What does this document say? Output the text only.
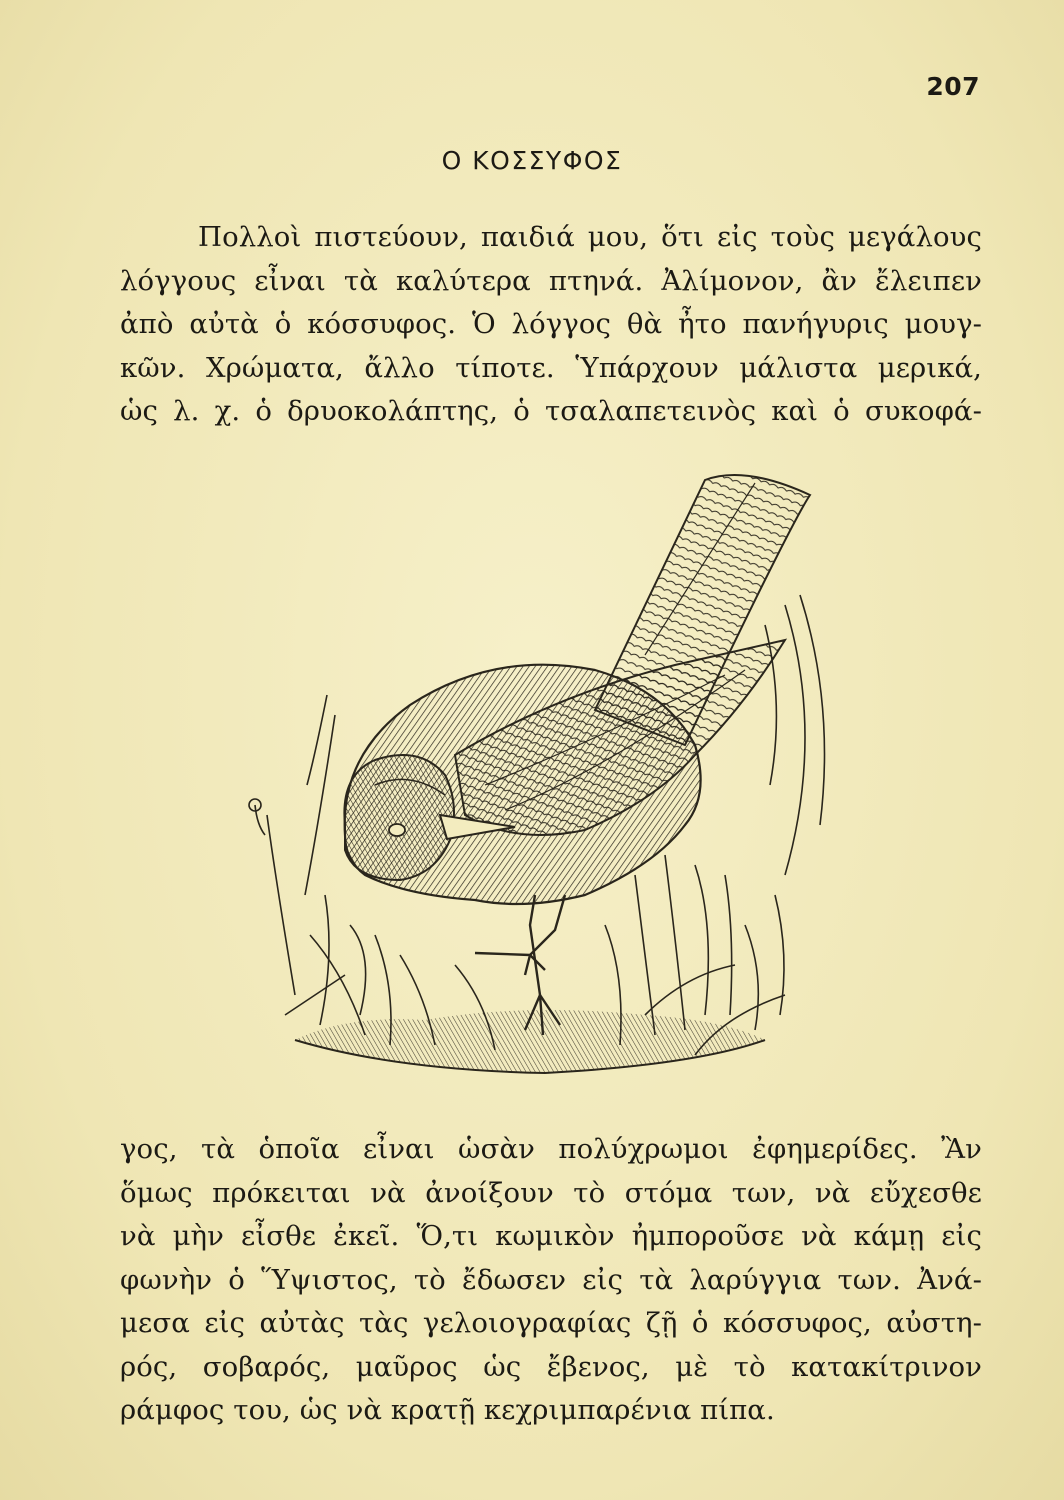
207
Ο ΚΟΣΣΥΦΟΣ
Πολλοὶ πιστεύουν, παιδιά μου, ὅτι εἰς τοὺς μεγάλους
λόγγους εἶναι τὰ καλύτερα πτηνά. Ἀλίμονον, ἂν ἔλειπεν
ἀπὸ αὐτὰ ὁ κόσσυφος. Ὁ λόγγος θὰ ἦτο πανήγυρις μουγ-
κῶν. Χρώματα, ἄλλο τίποτε. Ὑπάρχουν μάλιστα μερικά,
ὡς λ. χ. ὁ δρυοκολάπτης, ὁ τσαλαπετεινὸς καὶ ὁ συκοφά-
γος, τὰ ὁποῖα εἶναι ὡσὰν πολύχρωμοι ἐφημερίδες. Ἂν
ὅμως πρόκειται νὰ ἀνοίξουν τὸ στόμα των, νὰ εὔχεσθε
νὰ μὴν εἶσθε ἐκεῖ. Ὅ,τι κωμικὸν ἠμποροῦσε νὰ κάμῃ εἰς
φωνὴν ὁ Ὕψιστος, τὸ ἔδωσεν εἰς τὰ λαρύγγια των. Ἀνά-
μεσα εἰς αὐτὰς τὰς γελοιογραφίας ζῇ ὁ κόσσυφος, αὐστη-
ρός, σοβαρός, μαῦρος ὡς ἔβενος, μὲ τὸ κατακίτρινον
ράμφος του, ὡς νὰ κρατῇ κεχριμπαρένια πίπα.
